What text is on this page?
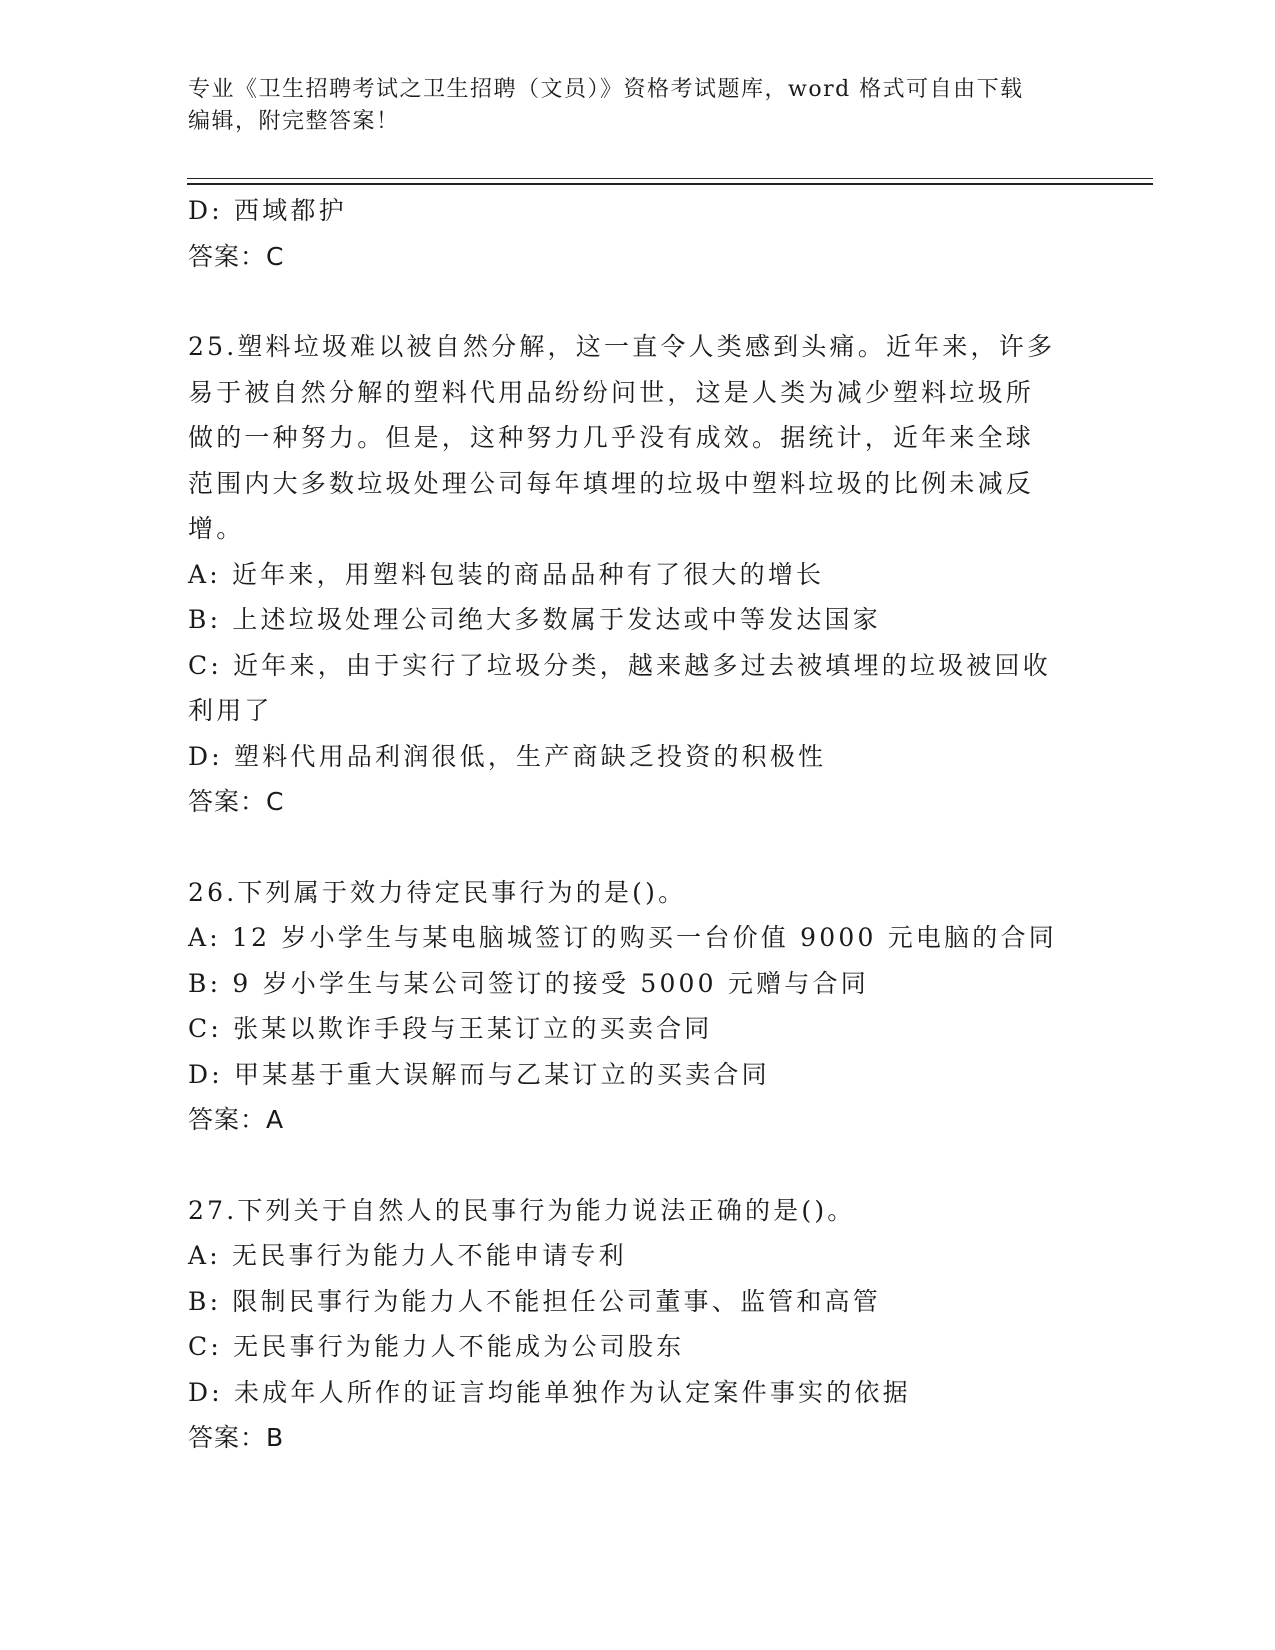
专业《卫生招聘考试之卫生招聘（文员）》资格考试题库，word 格式可自由下载

编辑，附完整答案！

D: 西域都护

答案：C

25.塑料垃圾难以被自然分解，这一直令人类感到头痛。近年来，许多

易于被自然分解的塑料代用品纷纷问世，这是人类为减少塑料垃圾所

做的一种努力。但是，这种努力几乎没有成效。据统计，近年来全球

范围内大多数垃圾处理公司每年填埋的垃圾中塑料垃圾的比例未减反

增。

A: 近年来，用塑料包装的商品品种有了很大的增长

B: 上述垃圾处理公司绝大多数属于发达或中等发达国家

C: 近年来，由于实行了垃圾分类，越来越多过去被填埋的垃圾被回收

利用了

D: 塑料代用品利润很低，生产商缺乏投资的积极性

答案：C

26.下列属于效力待定民事行为的是()。

A: 12 岁小学生与某电脑城签订的购买一台价值 9000 元电脑的合同

B: 9 岁小学生与某公司签订的接受 5000 元赠与合同

C: 张某以欺诈手段与王某订立的买卖合同

D: 甲某基于重大误解而与乙某订立的买卖合同

答案：A

27.下列关于自然人的民事行为能力说法正确的是()。

A: 无民事行为能力人不能申请专利

B: 限制民事行为能力人不能担任公司董事、监管和高管

C: 无民事行为能力人不能成为公司股东

D: 未成年人所作的证言均能单独作为认定案件事实的依据

答案：B
